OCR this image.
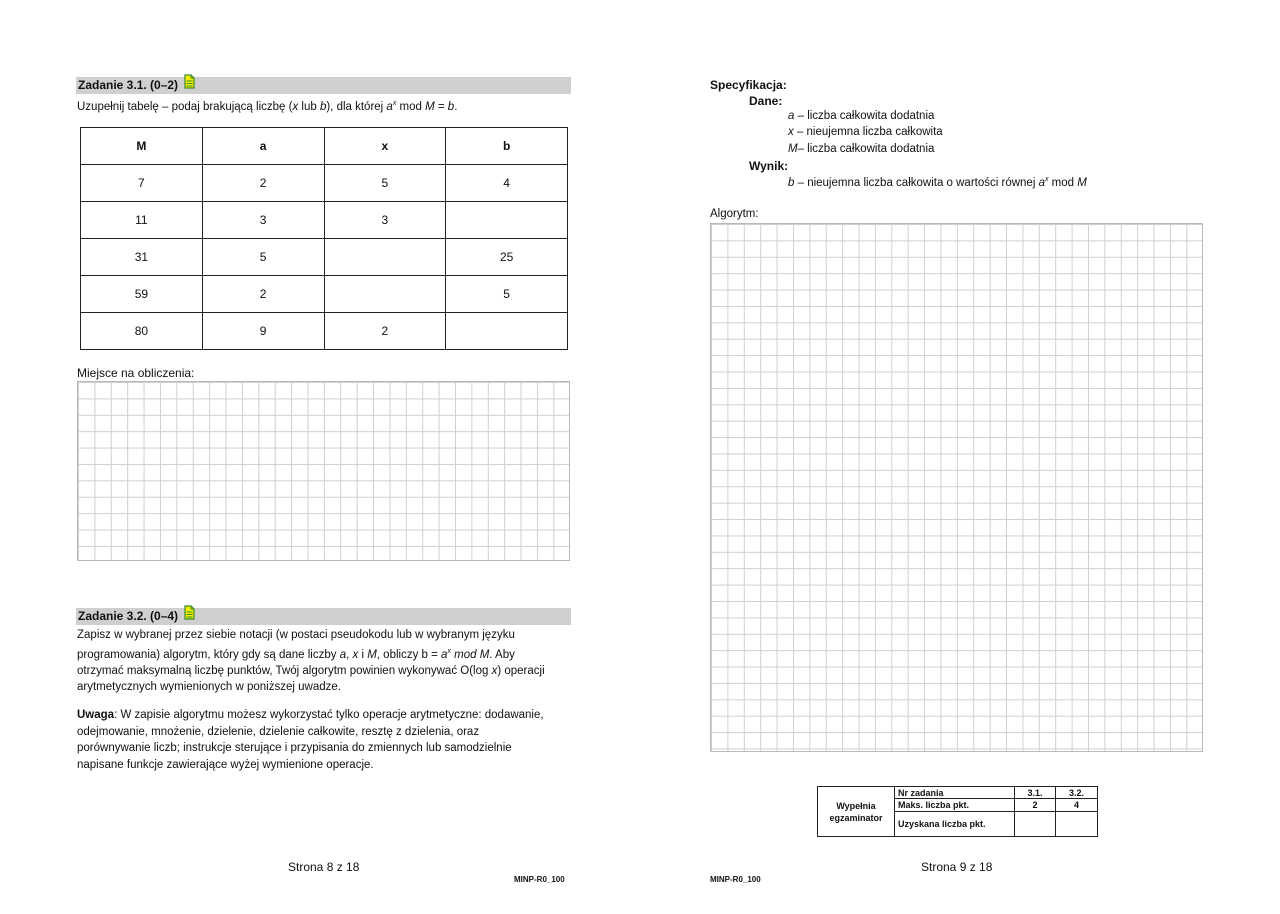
Zadanie 3.1. (0–2)
Uzupełnij tabelę – podaj brakującą liczbę (x lub b), dla której $a^x$ mod M = b.
M	a	x	b
7	2	5	4
11	3	3	
31	5		25
59	2		5
80	9	2	
Miejsce na obliczenia:
Zadanie 3.2. (0–4)
Zapisz w wybranej przez siebie notacji (w postaci pseudokodu lub w wybranym języku
programowania) algorytm, który gdy są dane liczby a, x i M, obliczy $b = a^x$ mod M. Aby
otrzymać maksymalną liczbę punktów, Twój algorytm powinien wykonywać O(log x) operacji
arytmetycznych wymienionych w poniższej uwadze.
Uwaga: W zapisie algorytmu możesz wykorzystać tylko operacje arytmetyczne: dodawanie,
odejmowanie, mnożenie, dzielenie, dzielenie całkowite, resztę z dzielenia, oraz
porównywanie liczb; instrukcje sterujące i przypisania do zmiennych lub samodzielnie
napisane funkcje zawierające wyżej wymienione operacje.
Strona 8 z 18
MINP-R0_100
Specyfikacja:
Dane:
a – liczba całkowita dodatnia
x – nieujemna liczba całkowita
M– liczba całkowita dodatnia
Wynik:
b – nieujemna liczba całkowita o wartości równej $a^x$ mod M
Algorytm:
Wypełnia
egzaminator	Nr zadania	3.1.	3.2.
	Maks. liczba pkt.	2	4
	Uzyskana liczba pkt.		
Strona 9 z 18
MINP-R0_100
